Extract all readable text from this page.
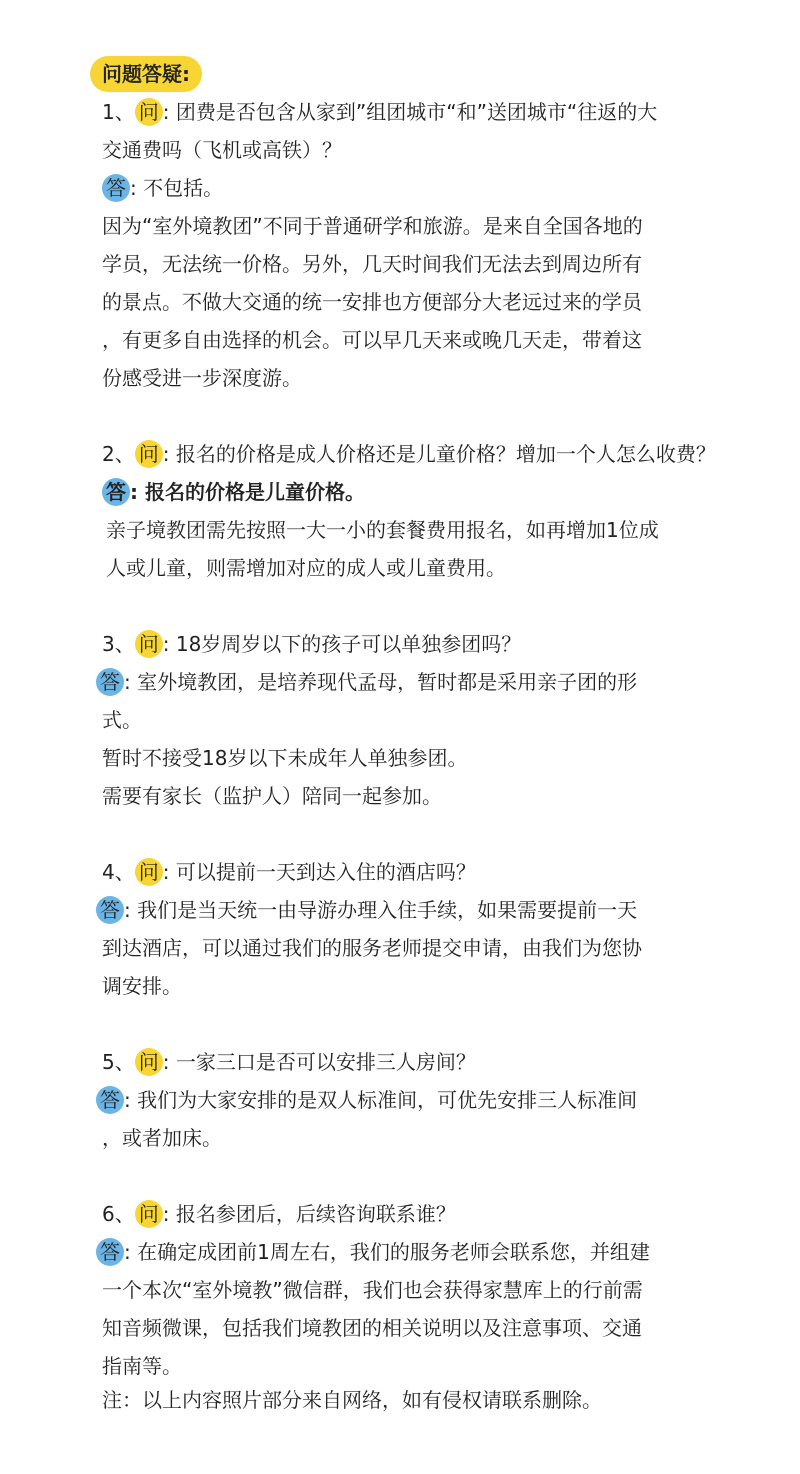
问题答疑:
1、 问 : 团费是否包含从家到”组团城市“和”送团城市“往返的大
交通费吗（飞机或高铁）？
答 : 不包括。
因为“室外境教团”不同于普通研学和旅游。是来自全国各地的
学员，无法统一价格。另外，几天时间我们无法去到周边所有
的景点。不做大交通的统一安排也方便部分大老远过来的学员
，有更多自由选择的机会。可以早几天来或晚几天走，带着这
份感受进一步深度游。
2、 问 : 报名的价格是成人价格还是儿童价格？增加一个人怎么收费？
答 : 报名的价格是儿童价格。
亲子境教团需先按照一大一小的套餐费用报名，如再增加1位成
人或儿童，则需增加对应的成人或儿童费用。
3、 问 : 18岁周岁以下的孩子可以单独参团吗？
答 : 室外境教团，是培养现代孟母，暂时都是采用亲子团的形
式。
暂时不接受18岁以下未成年人单独参团。
需要有家长（监护人）陪同一起参加。
4、 问 : 可以提前一天到达入住的酒店吗？
答 : 我们是当天统一由导游办理入住手续，如果需要提前一天
到达酒店，可以通过我们的服务老师提交申请，由我们为您协
调安排。
5、 问 : 一家三口是否可以安排三人房间？
答 : 我们为大家安排的是双人标准间，可优先安排三人标准间
，或者加床。
6、 问 : 报名参团后，后续咨询联系谁？
答 : 在确定成团前1周左右，我们的服务老师会联系您，并组建
一个本次“室外境教”微信群，我们也会获得家慧库上的行前需
知音频微课，包括我们境教团的相关说明以及注意事项、交通
指南等。
注：以上内容照片部分来自网络，如有侵权请联系删除。
